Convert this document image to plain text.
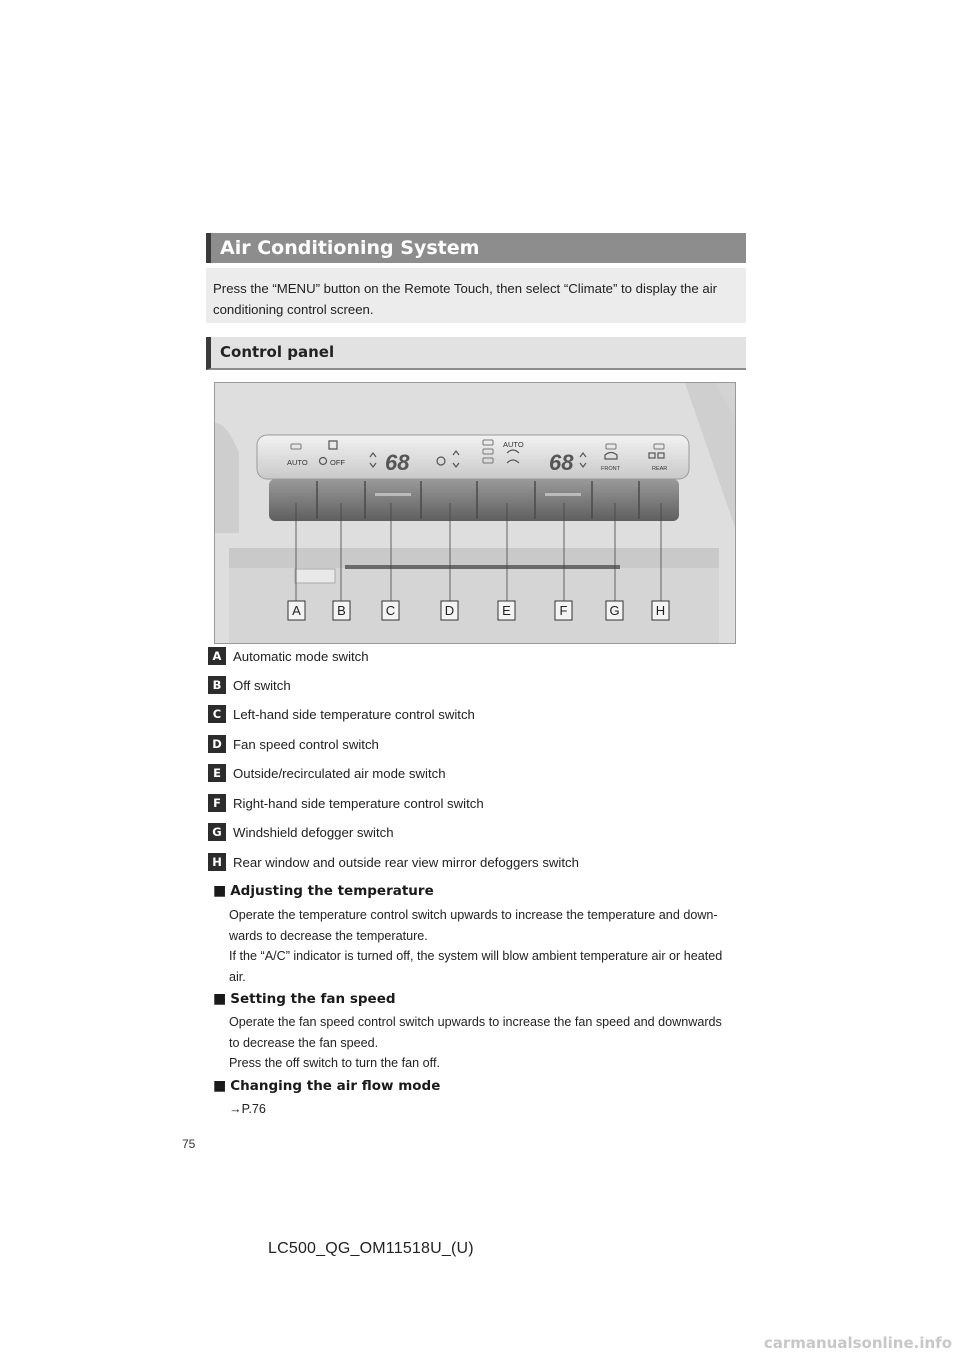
Air Conditioning System
Press the “MENU” button on the Remote Touch, then select “Climate” to display the air
conditioning control screen.
Control panel
AUTO	OFF 68	68
AUTO
FRONT	REAR
A	B	C	D	E	F	G	H
A Automatic mode switch
B Off switch
C Left-hand side temperature control switch
D Fan speed control switch
E Outside/recirculated air mode switch
F Right-hand side temperature control switch
G Windshield defogger switch
H Rear window and outside rear view mirror defoggers switch
■ Adjusting the temperature
Operate the temperature control switch upwards to increase the temperature and down-
wards to decrease the temperature.
If the “A/C” indicator is turned off, the system will blow ambient temperature air or heated
air.
■ Setting the fan speed
Operate the fan speed control switch upwards to increase the fan speed and downwards
to decrease the fan speed.
Press the off switch to turn the fan off.
■ Changing the air flow mode
→P.76
75
LC500_QG_OM11518U_(U)
carmanualsonline.info
